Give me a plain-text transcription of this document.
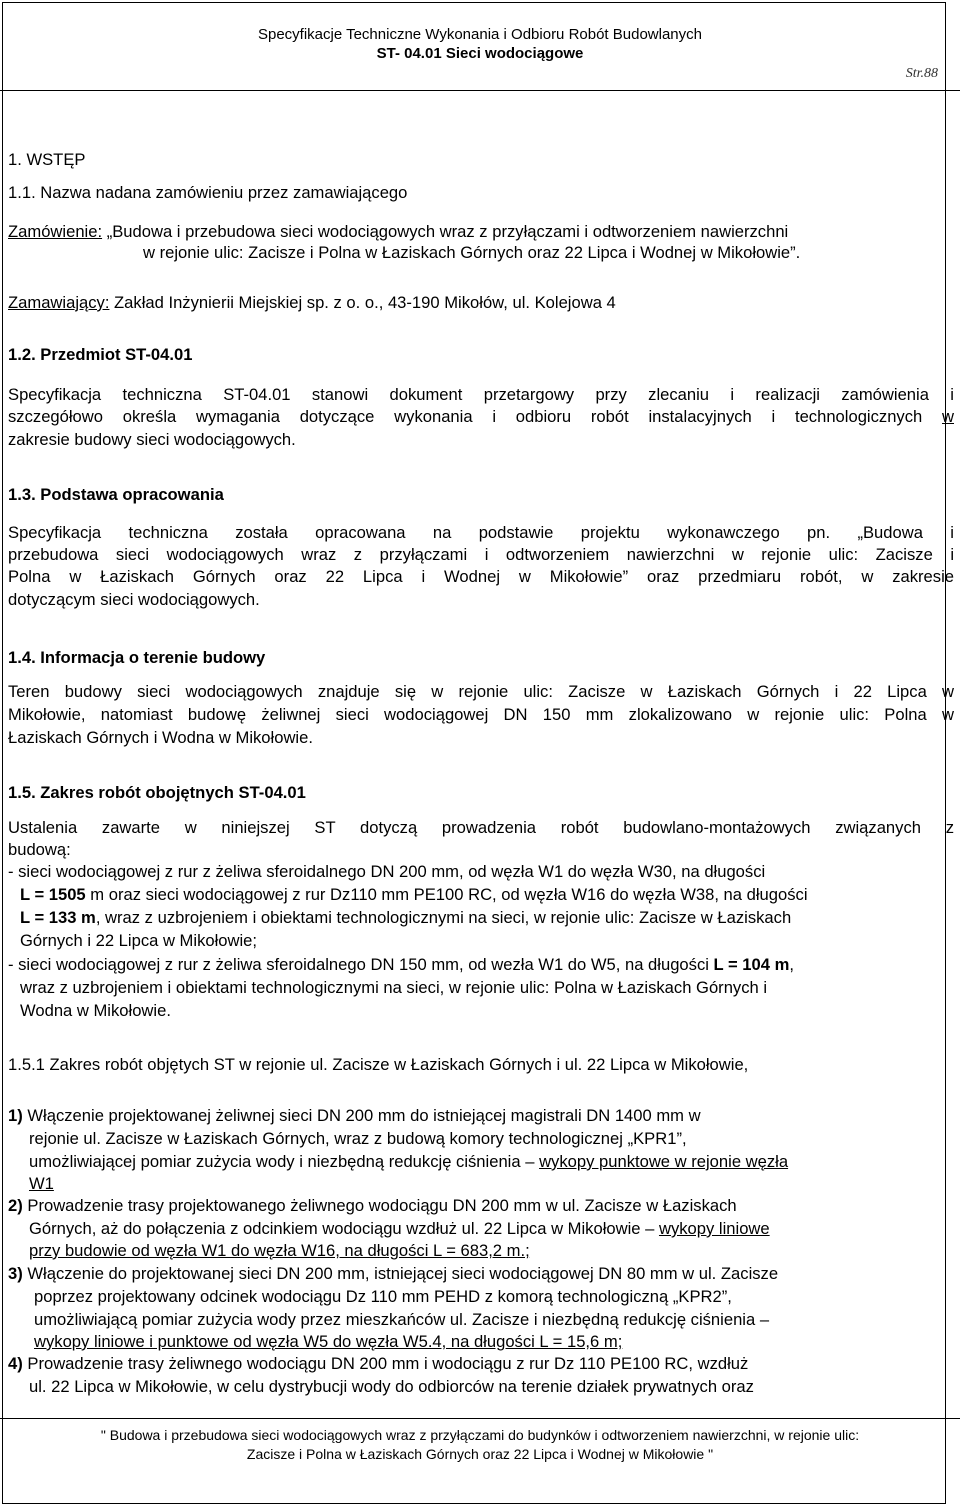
Specyfikacje Techniczne Wykonania i Odbioru Robót Budowlanych
ST- 04.01 Sieci wodociągowe
Str.88
1. WSTĘP
1.1. Nazwa nadana zamówieniu przez zamawiającego
Zamówienie: „Budowa i przebudowa sieci wodociągowych wraz z przyłączami i odtworzeniem nawierzchni
w rejonie ulic: Zacisze i Polna w Łaziskach Górnych oraz 22 Lipca i Wodnej w Mikołowie”.
Zamawiający: Zakład Inżynierii Miejskiej sp. z o. o., 43-190 Mikołów, ul. Kolejowa 4
1.2. Przedmiot ST-04.01
Specyfikacja techniczna ST-04.01 stanowi dokument przetargowy przy zlecaniu i realizacji zamówienia i
szczegółowo określa wymagania dotyczące wykonania i odbioru robót instalacyjnych i technologicznych w
zakresie budowy sieci wodociągowych.
1.3. Podstawa opracowania
Specyfikacja techniczna została opracowana na podstawie projektu wykonawczego pn. „Budowa i
przebudowa sieci wodociągowych wraz z przyłączami i odtworzeniem nawierzchni w rejonie ulic: Zacisze i
Polna w Łaziskach Górnych oraz 22 Lipca i Wodnej w Mikołowie” oraz przedmiaru robót, w zakresie
dotyczącym sieci wodociągowych.
1.4. Informacja o terenie budowy
Teren budowy sieci wodociągowych znajduje się w rejonie ulic: Zacisze w Łaziskach Górnych i 22 Lipca w
Mikołowie, natomiast budowę żeliwnej sieci wodociągowej DN 150 mm zlokalizowano w rejonie ulic: Polna w
Łaziskach Górnych i Wodna w Mikołowie.
1.5. Zakres robót obojętnych ST-04.01
Ustalenia zawarte w niniejszej ST dotyczą prowadzenia robót budowlano-montażowych związanych z
budową:
- sieci wodociągowej z rur z żeliwa sferoidalnego DN 200 mm, od węzła W1 do węzła W30, na długości
L = 1505 m oraz sieci wodociągowej z rur Dz110 mm PE100 RC, od węzła W16 do węzła W38, na długości
L = 133 m, wraz z uzbrojeniem i obiektami technologicznymi na sieci, w rejonie ulic: Zacisze w Łaziskach
Górnych i 22 Lipca w Mikołowie;
- sieci wodociągowej z rur z żeliwa sferoidalnego DN 150 mm, od wezła W1 do W5, na długości L = 104 m,
wraz z uzbrojeniem i obiektami technologicznymi na sieci, w rejonie ulic: Polna w Łaziskach Górnych i
Wodna w Mikołowie.
1.5.1 Zakres robót objętych ST w rejonie ul. Zacisze w Łaziskach Górnych i ul. 22 Lipca w Mikołowie,
1) Włączenie projektowanej żeliwnej sieci DN 200 mm do istniejącej magistrali DN 1400 mm w
rejonie ul. Zacisze w Łaziskach Górnych, wraz z budową komory technologicznej „KPR1”,
umożliwiającej pomiar zużycia wody i niezbędną redukcję ciśnienia – wykopy punktowe w rejonie węzła
W1
2) Prowadzenie trasy projektowanego żeliwnego wodociągu DN 200 mm w ul. Zacisze w Łaziskach
Górnych, aż do połączenia z odcinkiem wodociągu wzdłuż ul. 22 Lipca w Mikołowie – wykopy liniowe
przy budowie od węzła W1 do węzła W16, na długości L = 683,2 m.;
3) Włączenie do projektowanej sieci DN 200 mm, istniejącej sieci wodociągowej DN 80 mm w ul. Zacisze
poprzez projektowany odcinek wodociągu Dz 110 mm PEHD z komorą technologiczną „KPR2”,
umożliwiającą pomiar zużycia wody przez mieszkańców ul. Zacisze i niezbędną redukcję ciśnienia –
wykopy liniowe i punktowe od węzła W5 do węzła W5.4, na długości L = 15,6 m;
4) Prowadzenie trasy żeliwnego wodociągu DN 200 mm i wodociągu z rur Dz 110 PE100 RC, wzdłuż
ul. 22 Lipca w Mikołowie, w celu dystrybucji wody do odbiorców na terenie działek prywatnych oraz
" Budowa i przebudowa sieci wodociągowych wraz z przyłączami do budynków i odtworzeniem nawierzchni, w rejonie ulic:
Zacisze i Polna w Łaziskach Górnych oraz 22 Lipca i Wodnej w Mikołowie "
